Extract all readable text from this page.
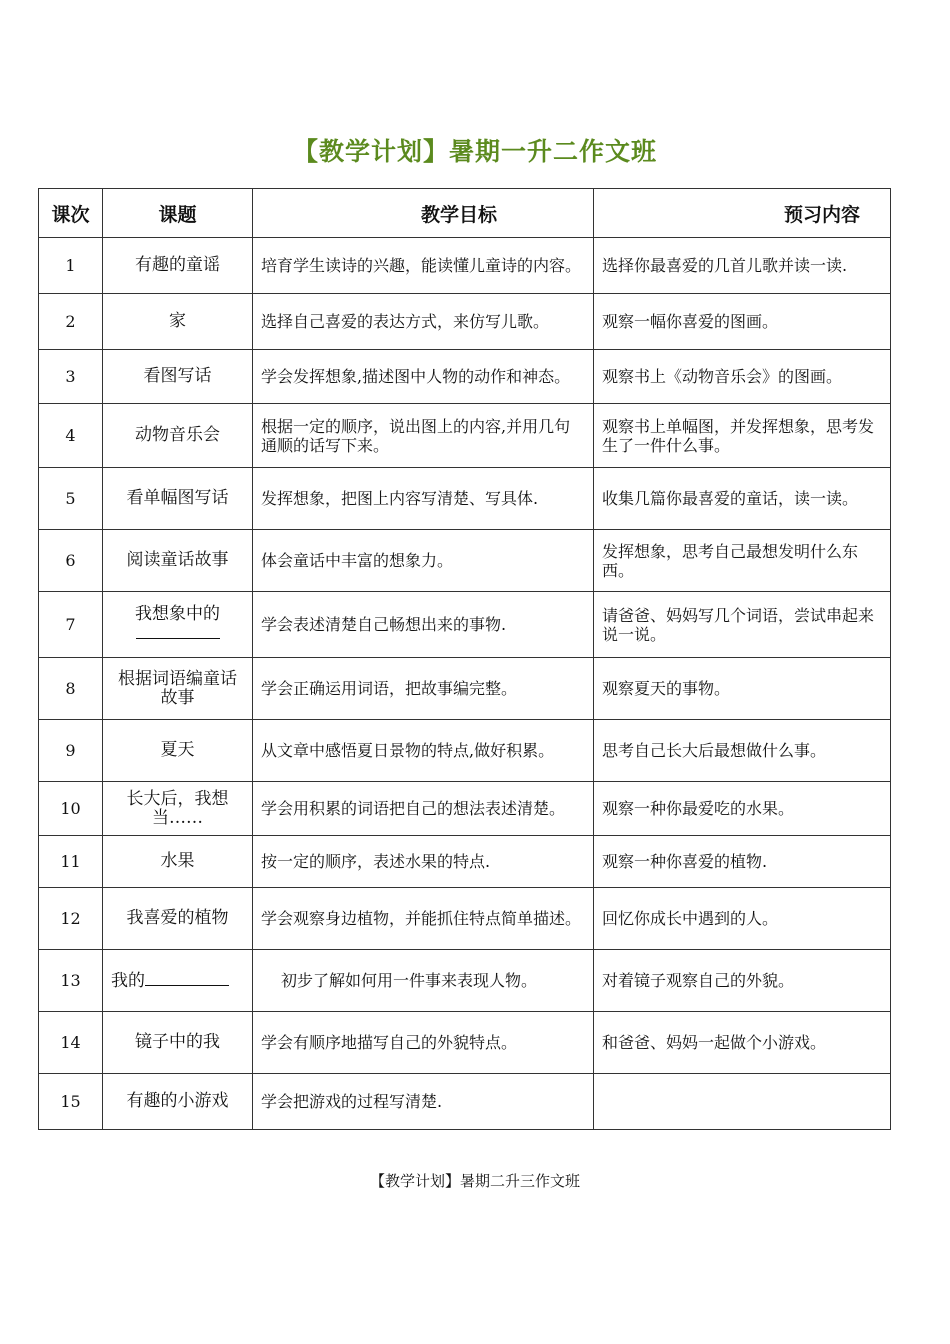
【教学计划】暑期一升二作文班
课次	课题	教学目标	预习内容
1	有趣的童谣	培育学生读诗的兴趣，能读懂儿童诗的内容。	选择你最喜爱的几首儿歌并读一读.
2	家	选择自己喜爱的表达方式，来仿写儿歌。	观察一幅你喜爱的图画。
3	看图写话	学会发挥想象,描述图中人物的动作和神态。	观察书上《动物音乐会》的图画。
4	动物音乐会	根据一定的顺序，说出图上的内容,并用几句通顺的话写下来。	观察书上单幅图，并发挥想象，思考发生了一件什么事。
5	看单幅图写话	发挥想象，把图上内容写清楚、写具体.	收集几篇你最喜爱的童话，读一读。
6	阅读童话故事	体会童话中丰富的想象力。	发挥想象，思考自己最想发明什么东西。
7	我想象中的	学会表述清楚自己畅想出来的事物.	请爸爸、妈妈写几个词语，尝试串起来说一说。
8	根据词语编童话故事	学会正确运用词语，把故事编完整。	观察夏天的事物。
9	夏天	从文章中感悟夏日景物的特点,做好积累。	思考自己长大后最想做什么事。
10	长大后，我想当……	学会用积累的词语把自己的想法表述清楚。	观察一种你最爱吃的水果。
11	水果	按一定的顺序，表述水果的特点.	观察一种你喜爱的植物.
12	我喜爱的植物	学会观察身边植物，并能抓住特点简单描述。	回忆你成长中遇到的人。
13	我的	初步了解如何用一件事来表现人物。	对着镜子观察自己的外貌。
14	镜子中的我	学会有顺序地描写自己的外貌特点。	和爸爸、妈妈一起做个小游戏。
15	有趣的小游戏	学会把游戏的过程写清楚.	
【教学计划】暑期二升三作文班
